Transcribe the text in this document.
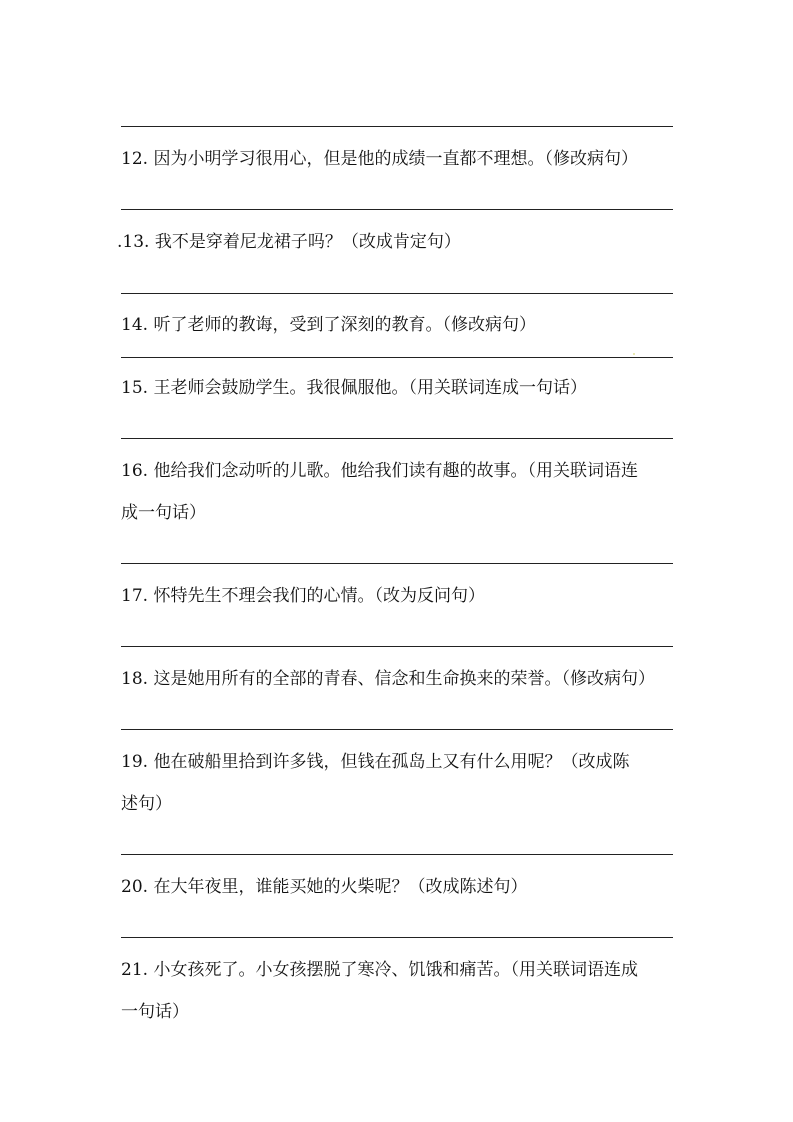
12. 因为小明学习很用心，但是他的成绩一直都不理想。（修改病句）
.13. 我不是穿着尼龙裙子吗？（改成肯定句）
14. 听了老师的教诲，受到了深刻的教育。（修改病句）
15. 王老师会鼓励学生。我很佩服他。（用关联词连成一句话）
16. 他给我们念动听的儿歌。他给我们读有趣的故事。（用关联词语连
成一句话）
17. 怀特先生不理会我们的心情。（改为反问句）
18. 这是她用所有的全部的青春、信念和生命换来的荣誉。（修改病句）
19. 他在破船里拾到许多钱，但钱在孤岛上又有什么用呢？（改成陈
述句）
20. 在大年夜里，谁能买她的火柴呢？（改成陈述句）
21. 小女孩死了。小女孩摆脱了寒冷、饥饿和痛苦。（用关联词语连成
一句话）
